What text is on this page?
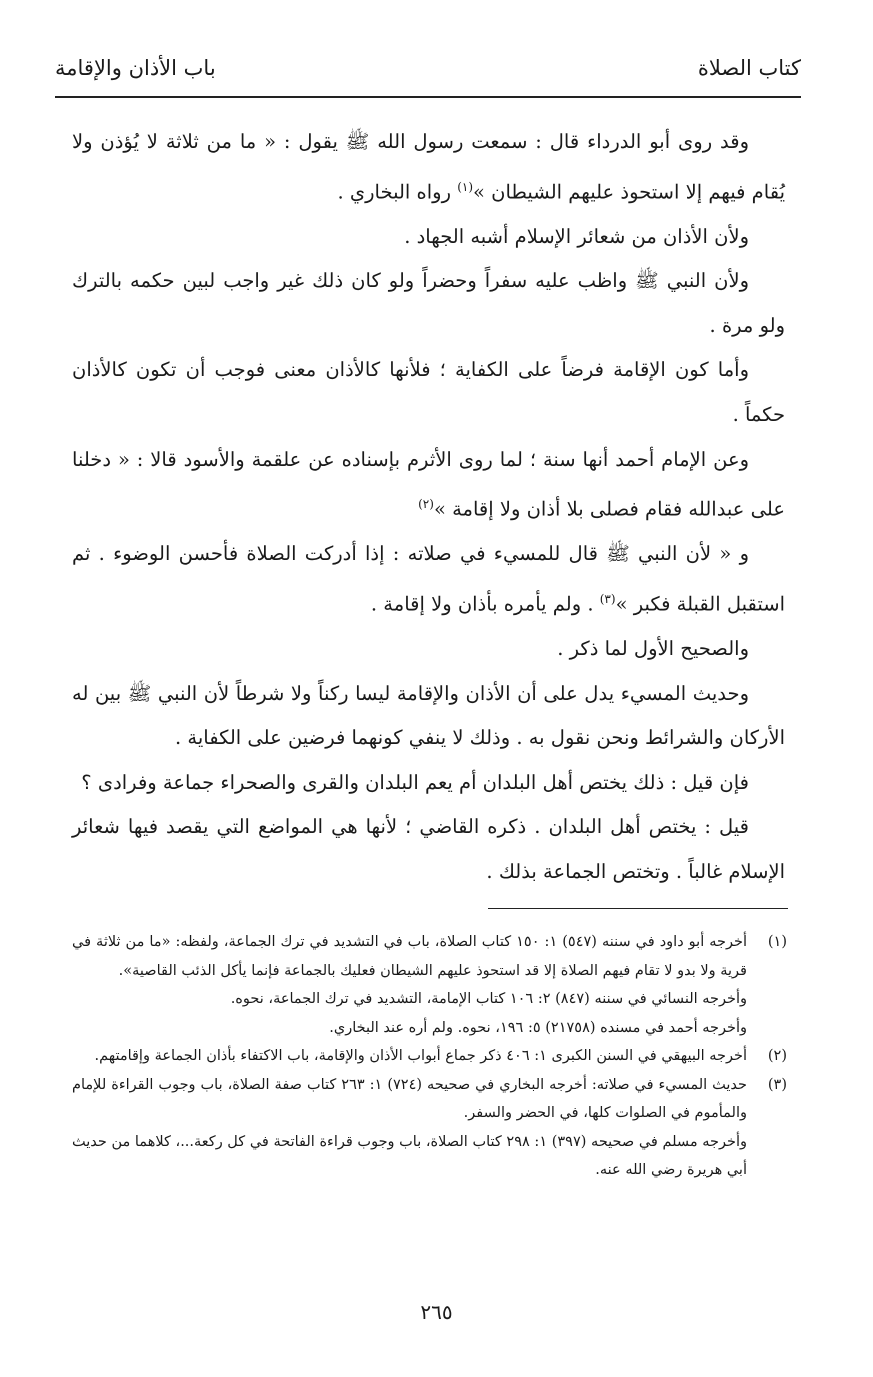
كتاب الصلاة
باب الأذان والإقامة

وقد روى أبو الدرداء قال : سمعت رسول الله ﷺ يقول : « ما من ثلاثة لا يُؤذن ولا يُقام فيهم إلا استحوذ عليهم الشيطان »$^{(١)}$ رواه البخاري .

ولأن الأذان من شعائر الإسلام أشبه الجهاد .

ولأن النبي ﷺ واظب عليه سفراً وحضراً ولو كان ذلك غير واجب لبين حكمه بالترك ولو مرة .

وأما كون الإقامة فرضاً على الكفاية ؛ فلأنها كالأذان معنى فوجب أن تكون كالأذان حكماً .

وعن الإمام أحمد أنها سنة ؛ لما روى الأثرم بإسناده عن علقمة والأسود قالا : « دخلنا على عبدالله فقام فصلى بلا أذان ولا إقامة »$^{(٢)}$

و « لأن النبي ﷺ قال للمسيء في صلاته : إذا أدركت الصلاة فأحسن الوضوء . ثم استقبل القبلة فكبر »$^{(٣)}$ . ولم يأمره بأذان ولا إقامة .

والصحيح الأول لما ذكر .

وحديث المسيء يدل على أن الأذان والإقامة ليسا ركناً ولا شرطاً لأن النبي ﷺ بين له الأركان والشرائط ونحن نقول به . وذلك لا ينفي كونهما فرضين على الكفاية .

فإن قيل : ذلك يختص أهل البلدان أم يعم البلدان والقرى والصحراء جماعة وفرادى ؟

قيل : يختص أهل البلدان . ذكره القاضي ؛ لأنها هي المواضع التي يقصد فيها شعائر الإسلام غالباً . وتختص الجماعة بذلك .

(١)
أخرجه أبو داود في سننه (٥٤٧) ١: ١٥٠ كتاب الصلاة، باب في التشديد في ترك الجماعة، ولفظه: «ما من ثلاثة في قرية ولا بدو لا تقام فيهم الصلاة إلا قد استحوذ عليهم الشيطان فعليك بالجماعة فإنما يأكل الذئب القاصية».
وأخرجه النسائي في سننه (٨٤٧) ٢: ١٠٦ كتاب الإمامة، التشديد في ترك الجماعة، نحوه.
وأخرجه أحمد في مسنده (٢١٧٥٨) ٥: ١٩٦، نحوه. ولم أره عند البخاري.
(٢)
أخرجه البيهقي في السنن الكبرى ١: ٤٠٦ ذكر جماع أبواب الأذان والإقامة، باب الاكتفاء بأذان الجماعة وإقامتهم.
(٣)
حديث المسيء في صلاته: أخرجه البخاري في صحيحه (٧٢٤) ١: ٢٦٣ كتاب صفة الصلاة، باب وجوب القراءة للإمام والمأموم في الصلوات كلها، في الحضر والسفر.
وأخرجه مسلم في صحيحه (٣٩٧) ١: ٢٩٨ كتاب الصلاة، باب وجوب قراءة الفاتحة في كل ركعة...، كلاهما من حديث أبي هريرة رضي الله عنه.
٢٦٥
